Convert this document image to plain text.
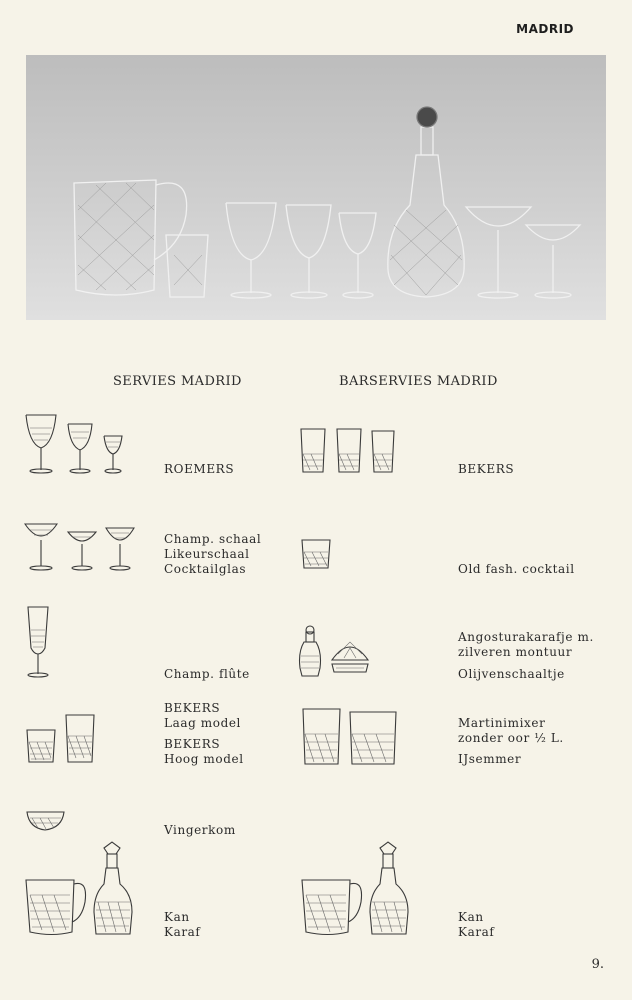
MADRID
SERVIES MADRID	BARSERVIES MADRID
ROEMERS
Champ. schaal
Likeurschaal
Cocktailglas
Champ. flûte
BEKERS
Laag model
BEKERS
Hoog model
Vingerkom
Kan
Karaf
BEKERS
Old fash. cocktail
Angosturakarafje m.
zilveren montuur
Olijvenschaaltje
Martinimixer
zonder oor ½ L.
IJsemmer
Kan
Karaf
9.
